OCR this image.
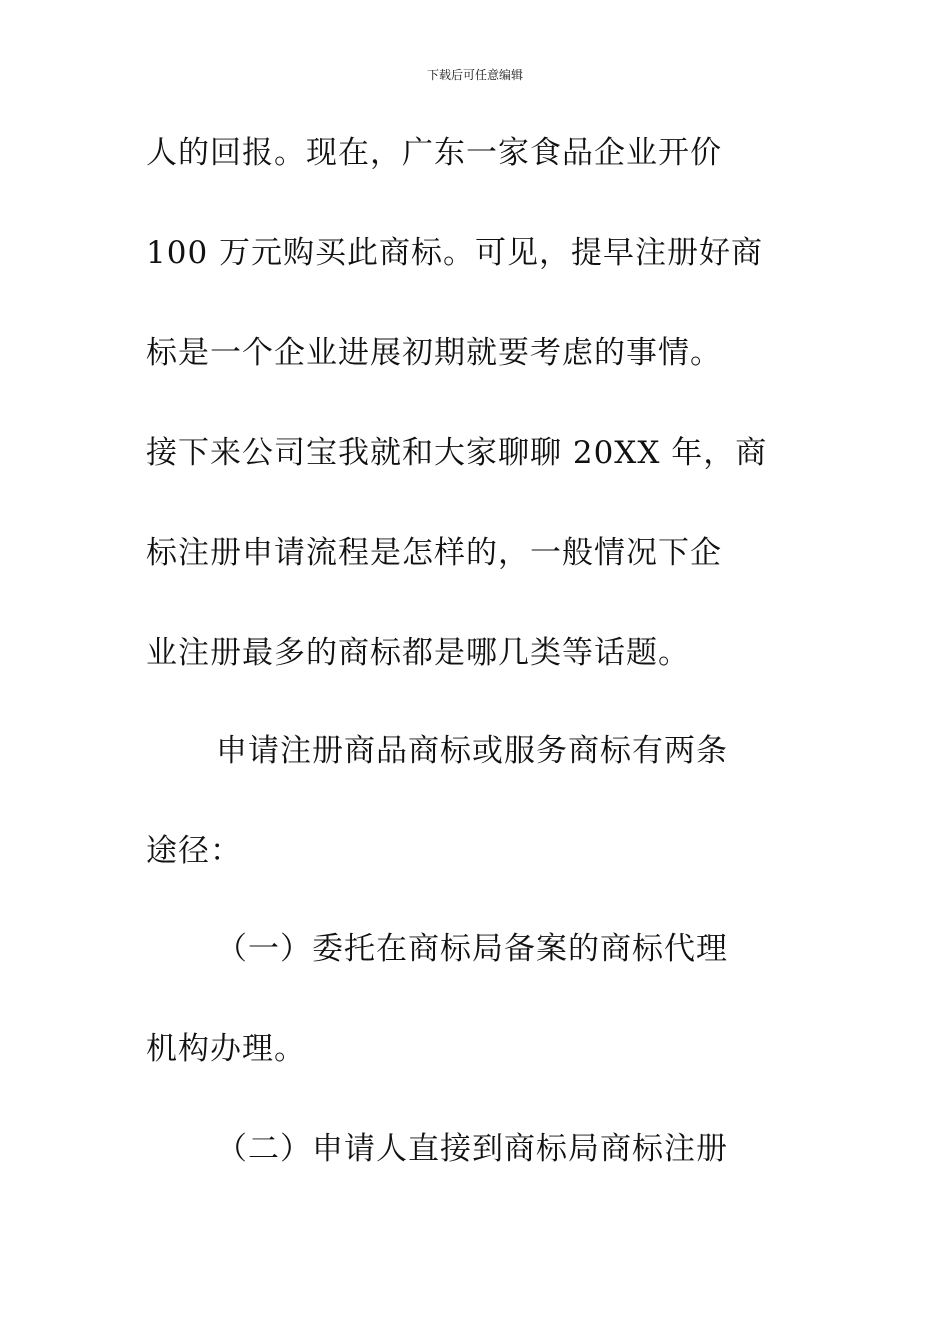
下载后可任意编辑
人的回报。现在，广东一家食品企业开价
100 万元购买此商标。可见，提早注册好商
标是一个企业进展初期就要考虑的事情。
接下来公司宝我就和大家聊聊 20XX 年，商
标注册申请流程是怎样的，一般情况下企
业注册最多的商标都是哪几类等话题。
申请注册商品商标或服务商标有两条
途径：
（一）委托在商标局备案的商标代理
机构办理。
（二）申请人直接到商标局商标注册
